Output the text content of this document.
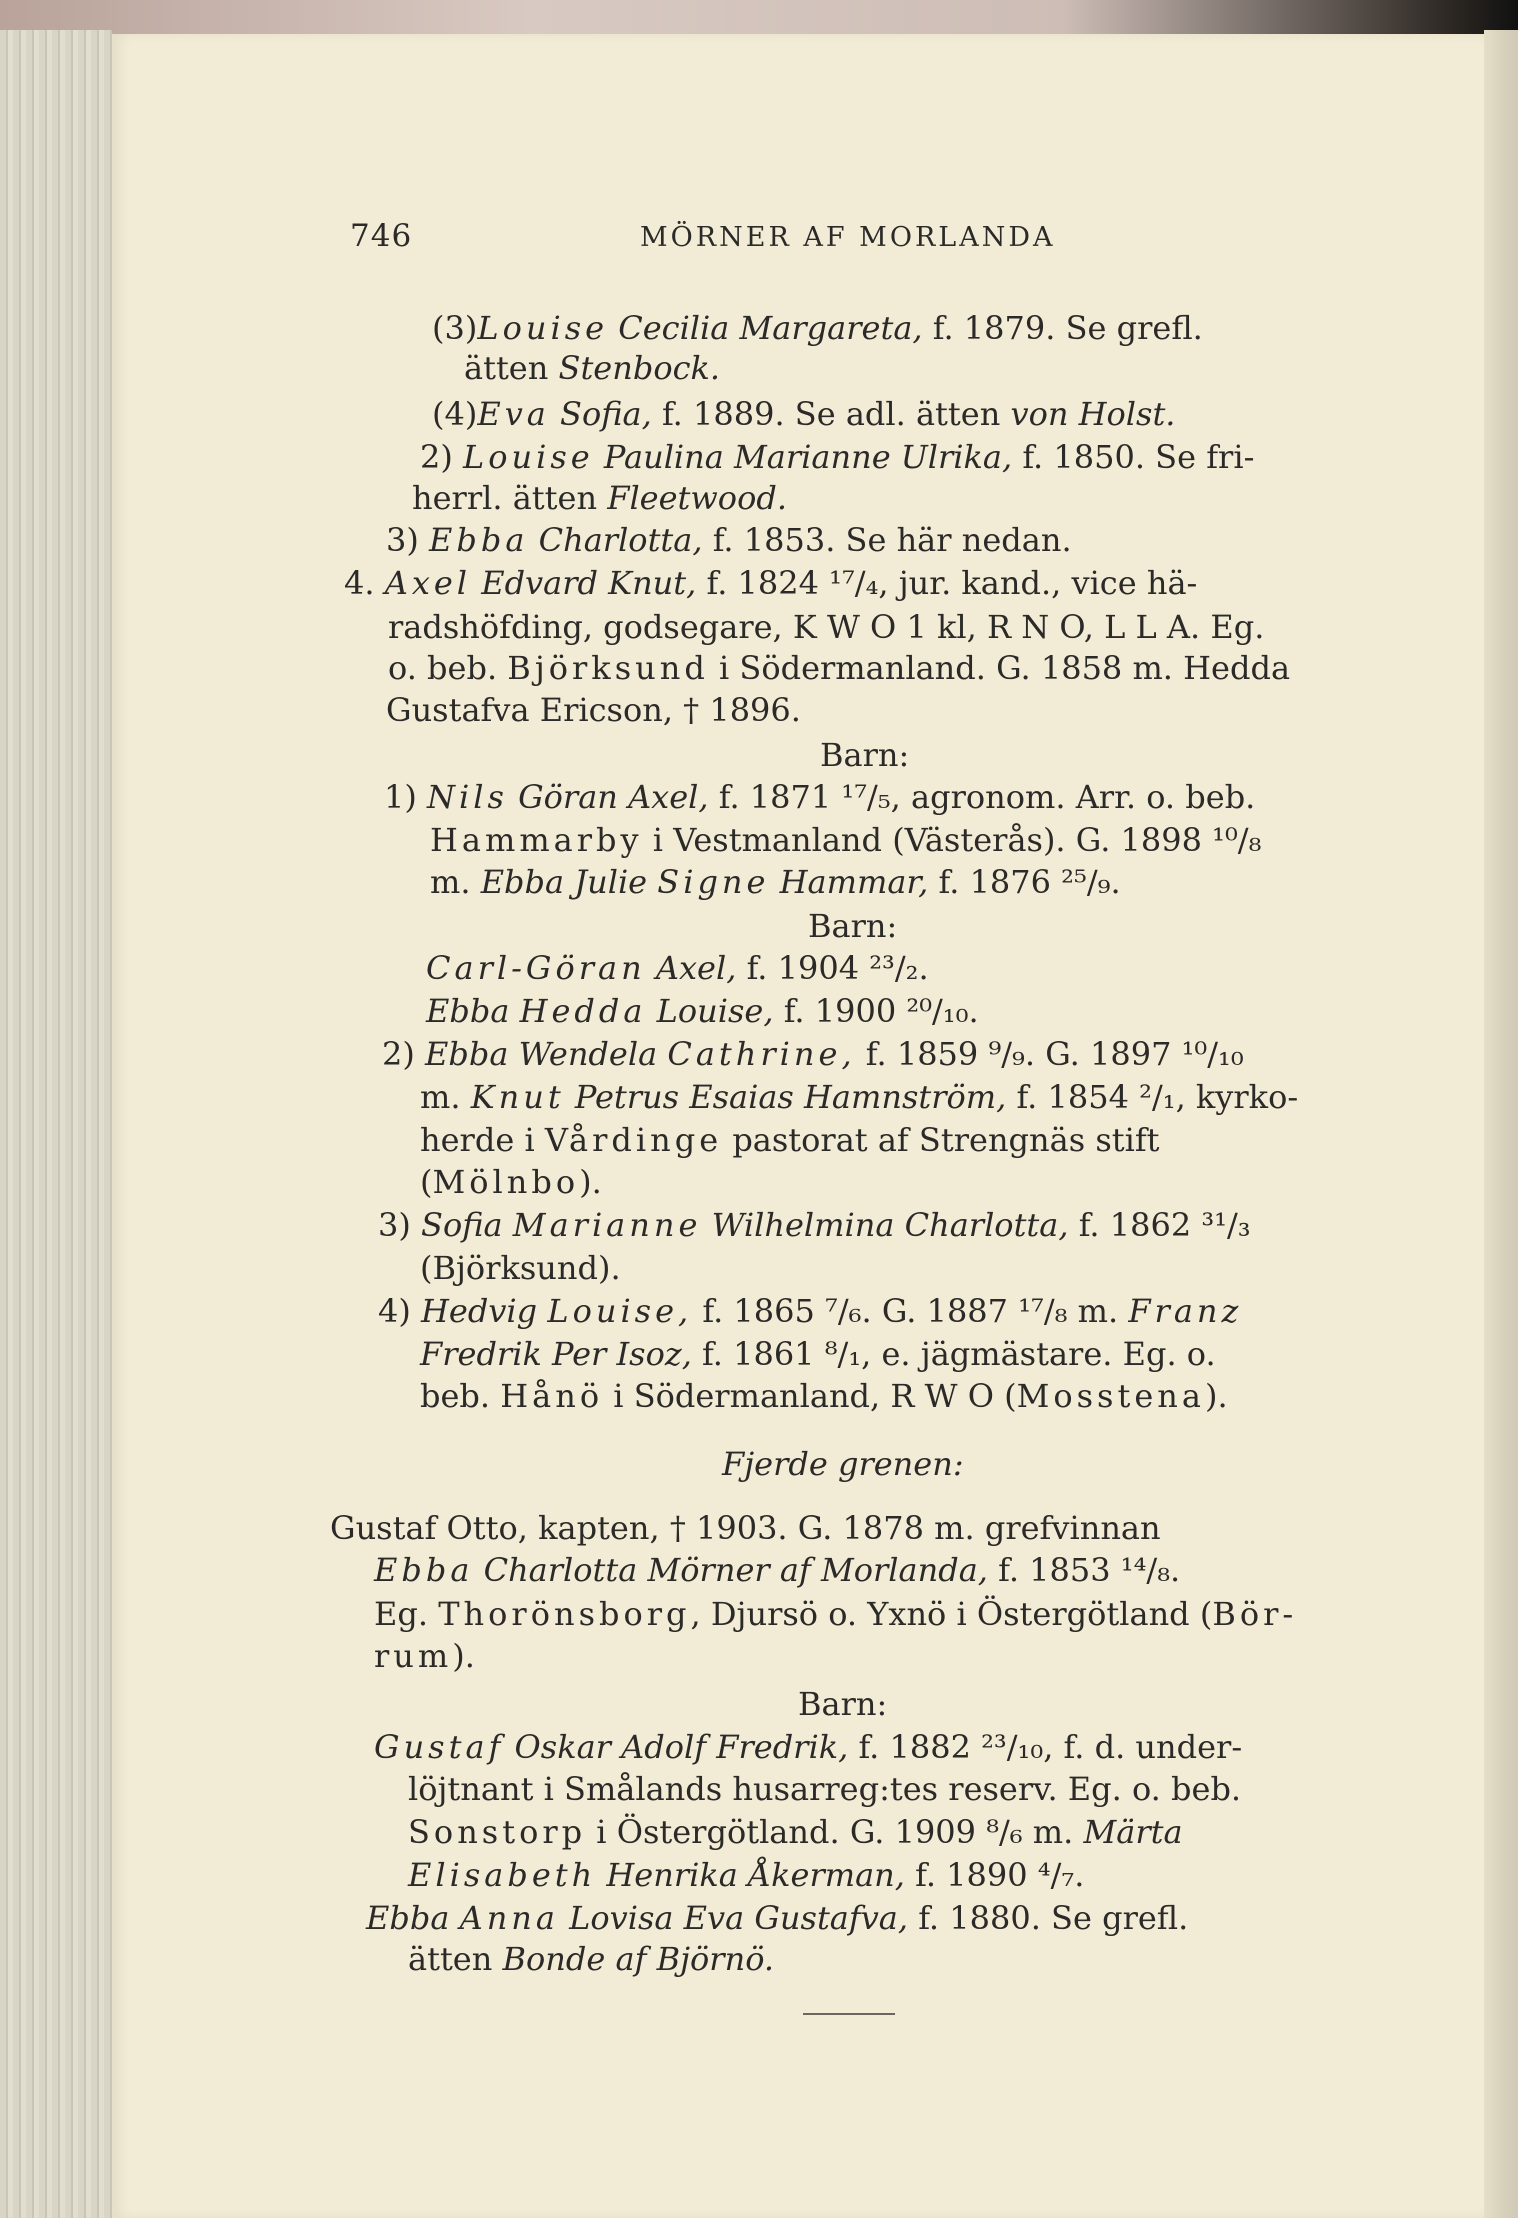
746	MÖRNER AF MORLANDA
(3)Louise Cecilia Margareta, f. 1879. Se grefl.
ätten Stenbock.
(4)Eva Sofia, f. 1889. Se adl. ätten von Holst.
2) Louise Paulina Marianne Ulrika, f. 1850. Se fri-
herrl. ätten Fleetwood.
3) Ebba Charlotta, f. 1853. Se här nedan.
4. Axel Edvard Knut, f. 1824 ¹⁷/₄, jur. kand., vice hä-
radshöfding, godsegare, K W O 1 kl, R N O, L L A. Eg.
o. beb. Björksund i Södermanland. G. 1858 m. Hedda
Gustafva Ericson, † 1896.
Barn:
1) Nils Göran Axel, f. 1871 ¹⁷/₅, agronom. Arr. o. beb.
Hammarby i Vestmanland (Västerås). G. 1898 ¹⁰/₈
m. Ebba Julie Signe Hammar, f. 1876 ²⁵/₉.
Barn:
Carl-Göran Axel, f. 1904 ²³/₂.
Ebba Hedda Louise, f. 1900 ²⁰/₁₀.
2) Ebba Wendela Cathrine, f. 1859 ⁹/₉. G. 1897 ¹⁰/₁₀
m. Knut Petrus Esaias Hamnström, f. 1854 ²/₁, kyrko-
herde i Vårdinge pastorat af Strengnäs stift
(Mölnbo).
3) Sofia Marianne Wilhelmina Charlotta, f. 1862 ³¹/₃
(Björksund).
4) Hedvig Louise, f. 1865 ⁷/₆. G. 1887 ¹⁷/₈ m. Franz
Fredrik Per Isoz, f. 1861 ⁸/₁, e. jägmästare. Eg. o.
beb. Hånö i Södermanland, R W O (Mosstena).
Fjerde grenen:
Gustaf Otto, kapten, † 1903. G. 1878 m. grefvinnan
Ebba Charlotta Mörner af Morlanda, f. 1853 ¹⁴/₈.
Eg. Thorönsborg, Djursö o. Yxnö i Östergötland (Bör-
rum).
Barn:
Gustaf Oskar Adolf Fredrik, f. 1882 ²³/₁₀, f. d. under-
löjtnant i Smålands husarreg:tes reserv. Eg. o. beb.
Sonstorp i Östergötland. G. 1909 ⁸/₆ m. Märta
Elisabeth Henrika Åkerman, f. 1890 ⁴/₇.
Ebba Anna Lovisa Eva Gustafva, f. 1880. Se grefl.
ätten Bonde af Björnö.
